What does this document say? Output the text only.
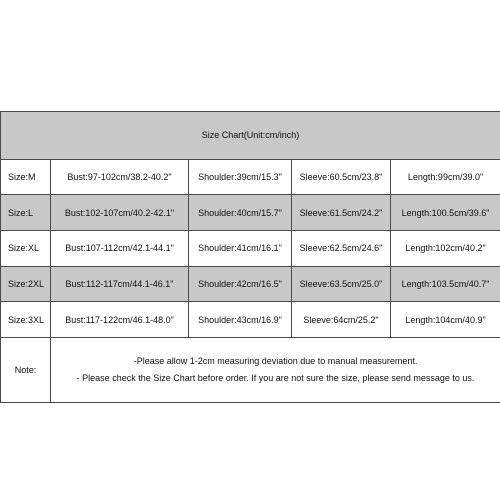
Size Chart(Unit:cm/inch)				
Size:M	Bust:97-102cm/38.2-40.2"	Shoulder:39cm/15.3"	Sleeve:60.5cm/23.8"	Length:99cm/39.0"
Size:L	Bust:102-107cm/40.2-42.1"	Shoulder:40cm/15.7"	Sleeve:61.5cm/24.2"	Length:100.5cm/39.6"
Size:XL	Bust:107-112cm/42.1-44.1"	Shoulder:41cm/16.1"	Sleeve:62.5cm/24.6"	Length:102cm/40.2"
Size:2XL	Bust:112-117cm/44.1-46.1"	Shoulder:42cm/16.5"	Sleeve:63.5cm/25.0"	Length:103.5cm/40.7"
Size:3XL	Bust:117-122cm/46.1-48.0"	Shoulder:43cm/16.9"	Sleeve:64cm/25.2"	Length:104cm/40.9"
Note:	-Please allow 1-2cm measuring deviation due to manual measurement.
- Please check the Size Chart before order. If you are not sure the size, please send message to us.			
